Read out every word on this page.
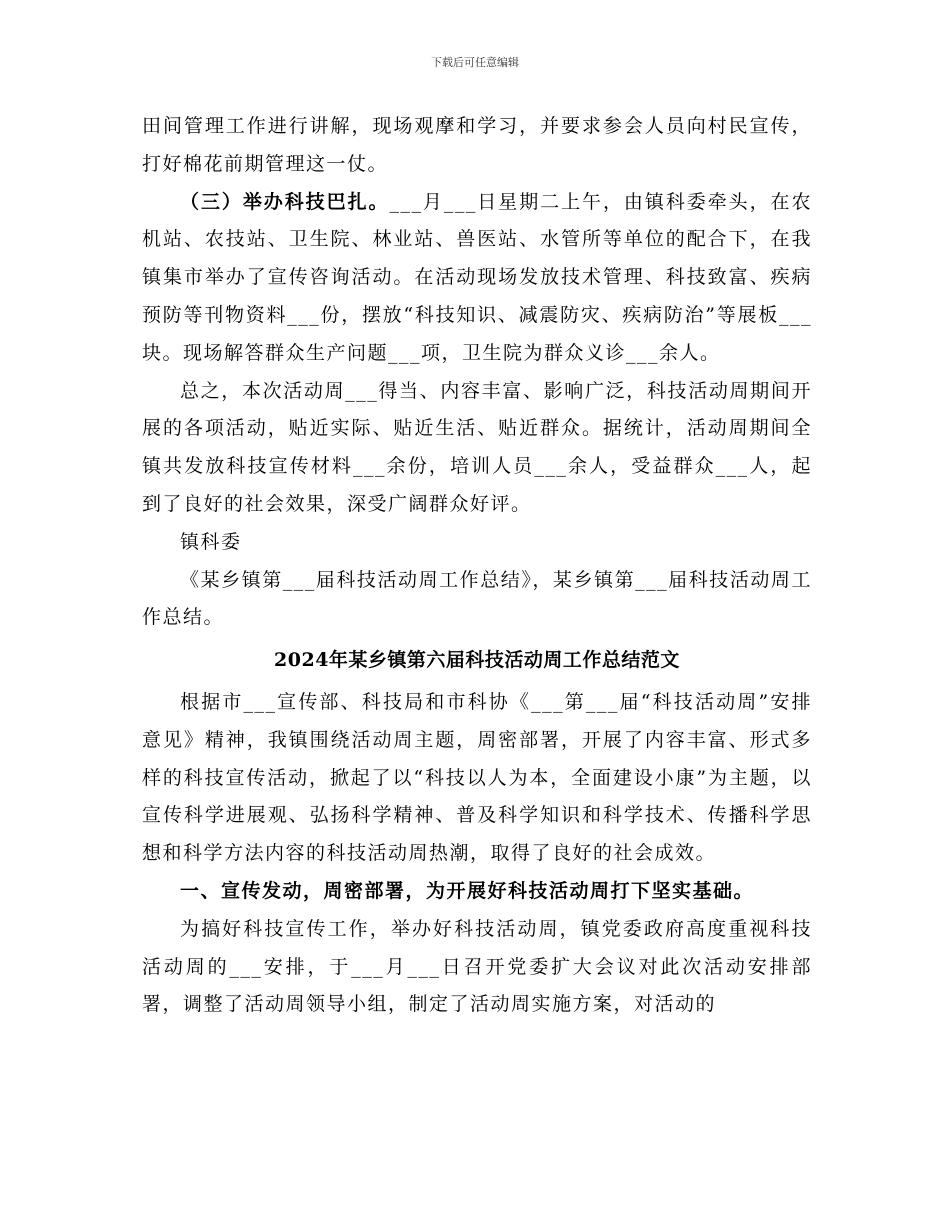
下载后可任意编辑

田间管理工作进行讲解，现场观摩和学习，并要求参会人员向村民宣传，打好棉花前期管理这一仗。

（三）举办科技巴扎。___月___日星期二上午，由镇科委牵头，在农机站、农技站、卫生院、林业站、兽医站、水管所等单位的配合下，在我镇集市举办了宣传咨询活动。在活动现场发放技术管理、科技致富、疾病预防等刊物资料___份，摆放“科技知识、减震防灾、疾病防治”等展板___块。现场解答群众生产问题___项，卫生院为群众义诊___余人。

总之，本次活动周___得当、内容丰富、影响广泛，科技活动周期间开展的各项活动，贴近实际、贴近生活、贴近群众。据统计，活动周期间全镇共发放科技宣传材料___余份，培训人员___余人，受益群众___人，起到了良好的社会效果，深受广阔群众好评。

镇科委

《某乡镇第___届科技活动周工作总结》，某乡镇第___届科技活动周工作总结。

2024年某乡镇第六届科技活动周工作总结范文

根据市___宣传部、科技局和市科协《___第___届“科技活动周”安排意见》精神，我镇围绕活动周主题，周密部署，开展了内容丰富、形式多样的科技宣传活动，掀起了以“科技以人为本，全面建设小康”为主题，以宣传科学进展观、弘扬科学精神、普及科学知识和科学技术、传播科学思想和科学方法内容的科技活动周热潮，取得了良好的社会成效。

一、宣传发动，周密部署，为开展好科技活动周打下坚实基础。

为搞好科技宣传工作，举办好科技活动周，镇党委政府高度重视科技活动周的___安排，于___月___日召开党委扩大会议对此次活动安排部署，调整了活动周领导小组，制定了活动周实施方案，对活动的
